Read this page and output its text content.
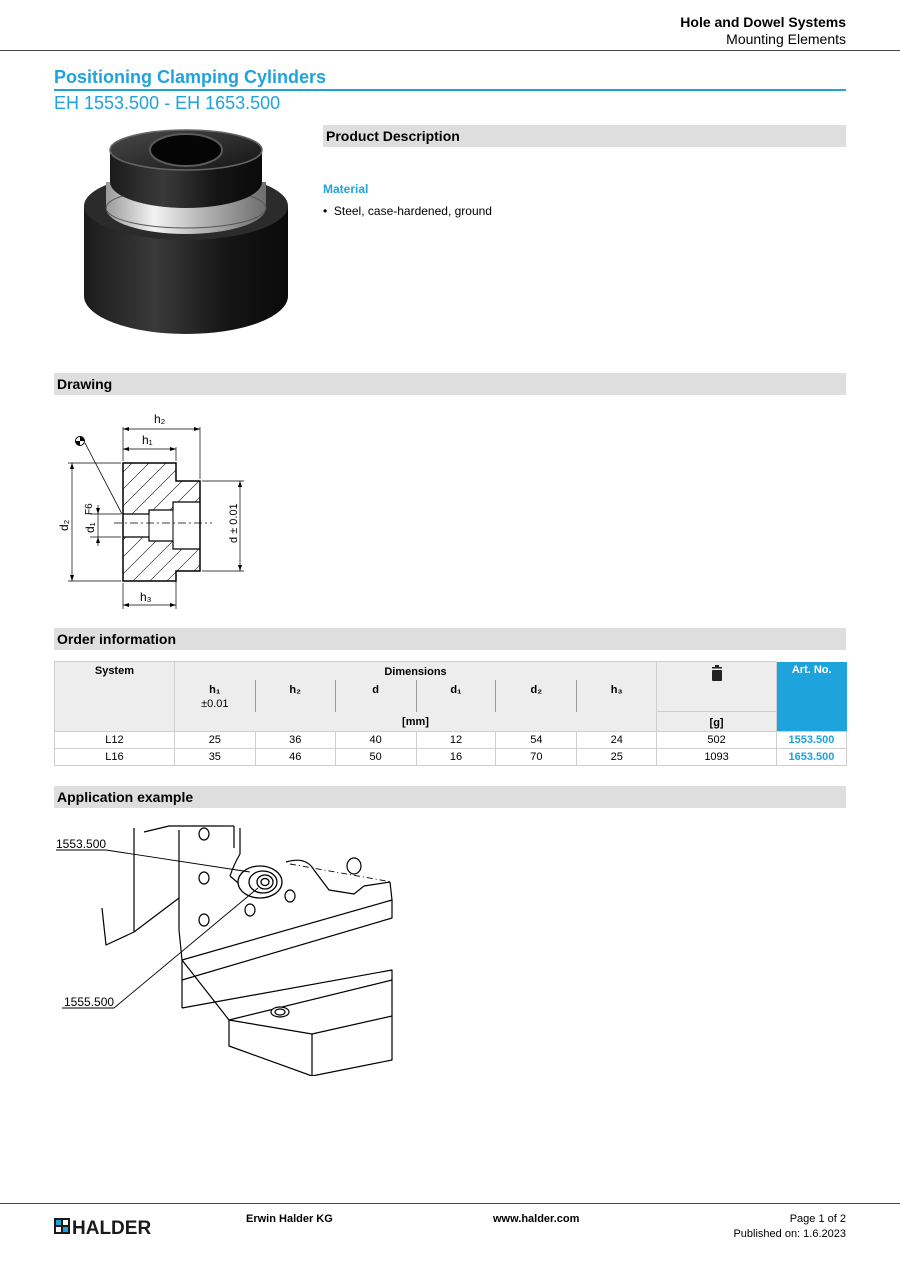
Hole and Dowel Systems
Mounting Elements
Positioning Clamping Cylinders
EH 1553.500 - EH 1653.500
Product Description
Material
•  Steel, case-hardened, ground
Drawing
h₂
h₁
h₃
d₂ d₁
F6	d ± 0.01
Order information
System	Dimensions							Art. No.
	h₁	h₂	d	d₁	d₂	h₃		
	±0.01							
	[mm]						[g]	
L12	25	36	40	12	54	24	502	1553.500
L16	35	46	50	16	70	25	1093	1653.500
Application example
1553.500
1555.500
HALDER	Erwin Halder KG	www.halder.com	Page 1 of 2
Published on: 1.6.2023
